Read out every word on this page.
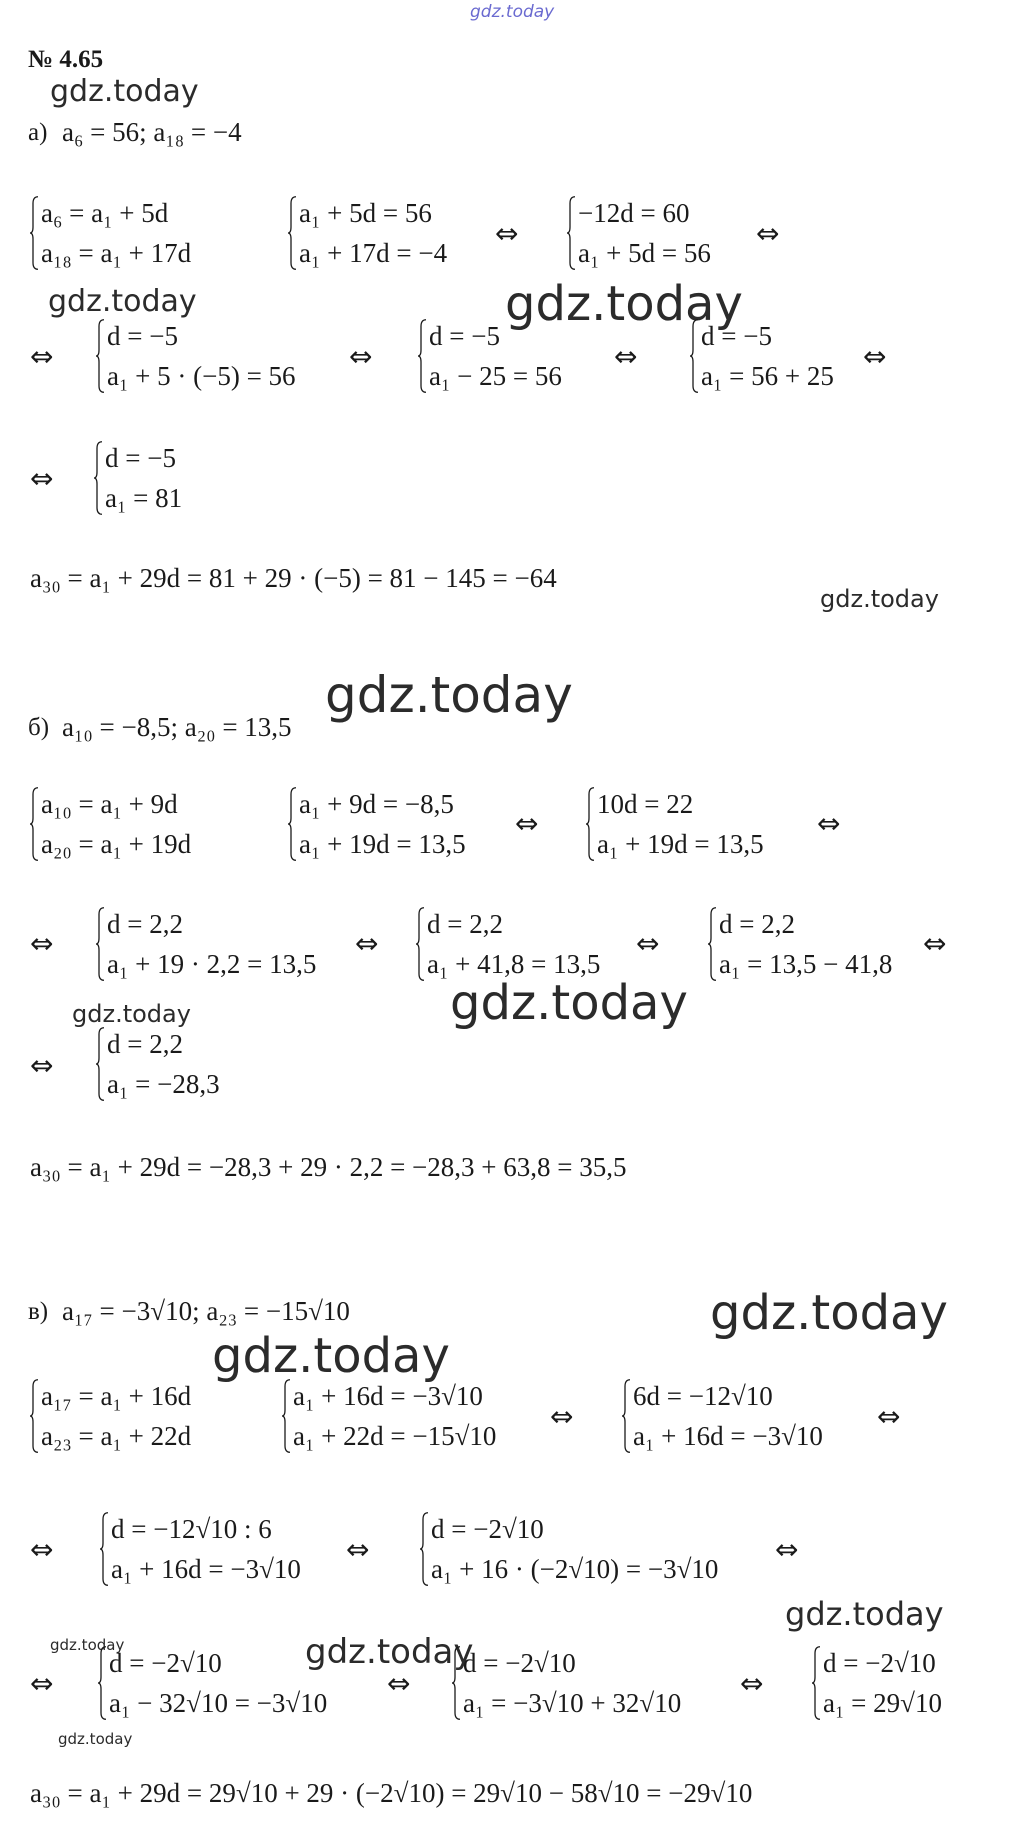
gdz.today
gdz.today
gdz.today	gdz.today
gdz.today
gdz.today
gdz.today	gdz.today
gdz.today
gdz.today
gdz.today
gdz.today	gdz.today
gdz.today
№ 4.65
а) a₆ = 56; a₁₈ = −4
a₆ = a₁ + 5d
a₁₈ = a₁ + 17d
a₁ + 5d = 56
a₁ + 17d = −4
⇔
−12d = 60
a₁ + 5d = 56
⇔
⇔
d = −5
a₁ + 5 · (−5) = 56
⇔
d = −5
a₁ − 25 = 56
⇔
d = −5
a₁ = 56 + 25
⇔
⇔
d = −5
a₁ = 81
a₃₀ = a₁ + 29d = 81 + 29 · (−5) = 81 − 145 = −64
б) a₁₀ = −8,5; a₂₀ = 13,5
a₁₀ = a₁ + 9d
a₂₀ = a₁ + 19d
a₁ + 9d = −8,5
a₁ + 19d = 13,5
⇔
10d = 22
a₁ + 19d = 13,5
⇔
⇔
d = 2,2
a₁ + 19 · 2,2 = 13,5
⇔
d = 2,2
a₁ + 41,8 = 13,5
⇔
d = 2,2
a₁ = 13,5 − 41,8
⇔
⇔
d = 2,2
a₁ = −28,3
a₃₀ = a₁ + 29d = −28,3 + 29 · 2,2 = −28,3 + 63,8 = 35,5
в) a₁₇ = −3√10; a₂₃ = −15√10
a₁₇ = a₁ + 16d
a₂₃ = a₁ + 22d
a₁ + 16d = −3√10
a₁ + 22d = −15√10
⇔
6d = −12√10
a₁ + 16d = −3√10
⇔
⇔
d = −12√10 : 6
a₁ + 16d = −3√10
⇔
d = −2√10
a₁ + 16 · (−2√10) = −3√10
⇔
⇔
d = −2√10
a₁ − 32√10 = −3√10
⇔
d = −2√10
a₁ = −3√10 + 32√10
⇔
d = −2√10
a₁ = 29√10
a₃₀ = a₁ + 29d = 29√10 + 29 · (−2√10) = 29√10 − 58√10 = −29√10
